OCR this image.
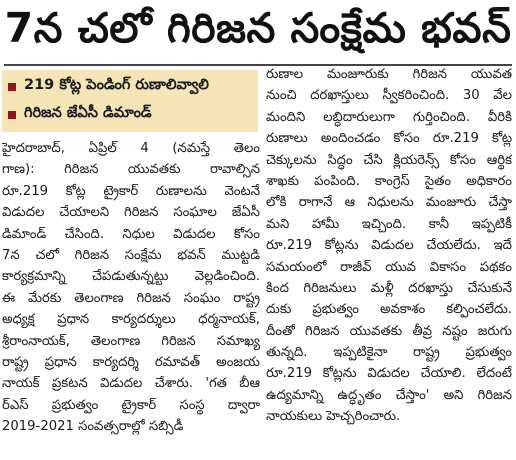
7న చలో గిరిజన సంక్షేమ భవన్
219 కోట్ల పెండింగ్ రుణాలివ్వాలి
గిరిజన జేఏసీ డిమాండ్
హైదరాబాద్, ఏప్రిల్ 4 (నమస్తే తెలం
గాణ): గిరిజన యువతకు రావాల్సిన
రూ.219 కోట్ల ట్రైకార్ రుణాలను వెంటనే
విడుదల చేయాలని గిరిజన సంఘాల జేఏసీ
డిమాండ్ చేసింది. నిధుల విడుదల కోసం
7న చలో గిరిజన సంక్షేమ భవన్ ముట్టడి
కార్యక్రమాన్ని చేపడుతున్నట్టు వెల్లడించింది.
ఈ మేరకు తెలంగాణ గిరిజన సంఘం రాష్ట్ర
అధ్యక్ష ప్రధాన కార్యదర్శులు ధర్మనాయక్,
శ్రీరాంనాయక్, తెలంగాణ గిరిజన సమాఖ్య
రాష్ట్ర ప్రధాన కార్యదర్శి రమావత్ అంజయ
నాయక్ ప్రకటన విడుదల చేశారు. 'గత బీఆ
ర్ఎస్ ప్రభుత్వం ట్రైకార్ సంస్థ ద్వారా
2019-2021 సంవత్సరాల్లో సబ్సిడీ
రుణాల మంజూరుకు గిరిజన యువత
నుంచి దరఖాస్తులు స్వీకరించింది. 30 వేల
మందిని లబ్ధిదారులుగా గుర్తించింది. వీరికి
రుణాలు అందించడం కోసం రూ.219 కోట్ల
చెక్కులను సిద్ధం చేసి క్లియరెన్స్ కోసం ఆర్థిక
శాఖకు పంపింది. కాంగ్రెస్ సైతం అధికారం
లోకి రాగానే ఆ నిధులను మంజూరు చేస్తా
మని హామీ ఇచ్చింది. కానీ ఇప్పటికీ
రూ.219 కోట్లను విడుదల చేయలేదు. ఇదే
సమయంలో రాజీవ్ యువ వికాసం పథకం
కింద గిరిజనులు మళ్లీ దరఖాస్తు చేసుకునే
దుకు ప్రభుత్వం అవకాశం కల్పించలేదు.
దీంతో గిరిజన యువతకు తీవ్ర నష్టం జరుగు
తున్నది. ఇప్పటికైనా రాష్ట్ర ప్రభుత్వం
రూ.219 కోట్లను విడుదల చేయాలి. లేదంటే
ఉద్యమాన్ని ఉద్ధృతం చేస్తాం' అని గిరిజన
నాయకులు హెచ్చరించారు.
